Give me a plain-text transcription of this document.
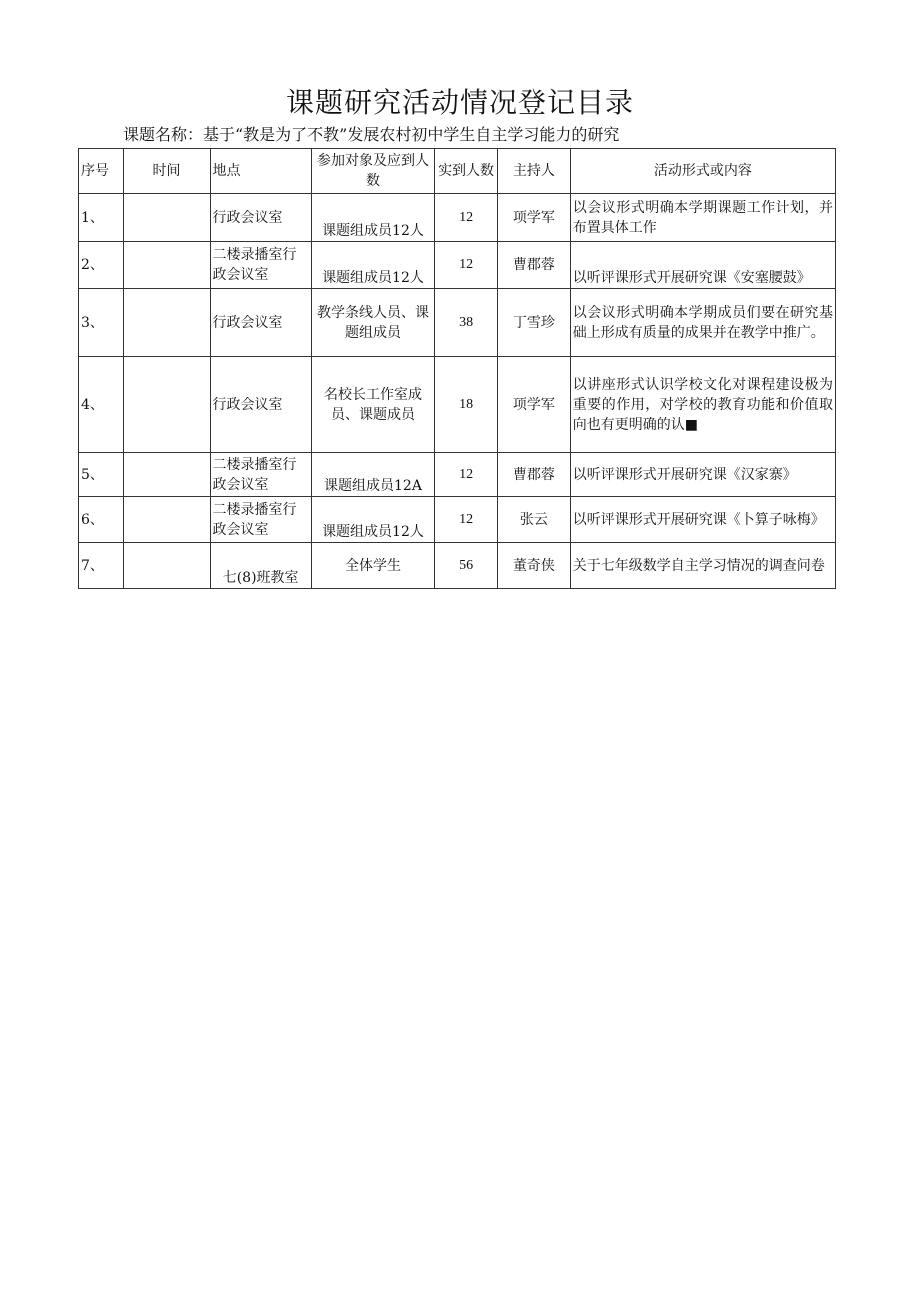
课题研究活动情况登记目录
课题名称：基于“教是为了不教”发展农村初中学生自主学习能力的研究
序号	时间	地点	参加对象及应到人数	实到人数	主持人	活动形式或内容
1、		行政会议室	课题组成员12人	12	项学军	以会议形式明确本学期课题工作计划，并布置具体工作
2、		二楼录播室行政会议室	课题组成员12人	12	曹郡蓉	以听评课形式开展研究课《安塞腰鼓》
3、		行政会议室	教学条线人员、课题组成员	38	丁雪珍	以会议形式明确本学期成员们要在研究基础上形成有质量的成果并在教学中推广。
4、		行政会议室	名校长工作室成员、课题成员	18	项学军	以讲座形式认识学校文化对课程建设极为重要的作用，对学校的教育功能和价值取向也有更明确的认■
5、		二楼录播室行政会议室	课题组成员12A	12	曹郡蓉	以听评课形式开展研究课《汉家寨》
6、		二楼录播室行政会议室	课题组成员12人	12	张云	以听评课形式开展研究课《卜算子咏梅》
7、		七(8)班教室	全体学生	56	董奇侠	关于七年级数学自主学习情况的调查问卷
